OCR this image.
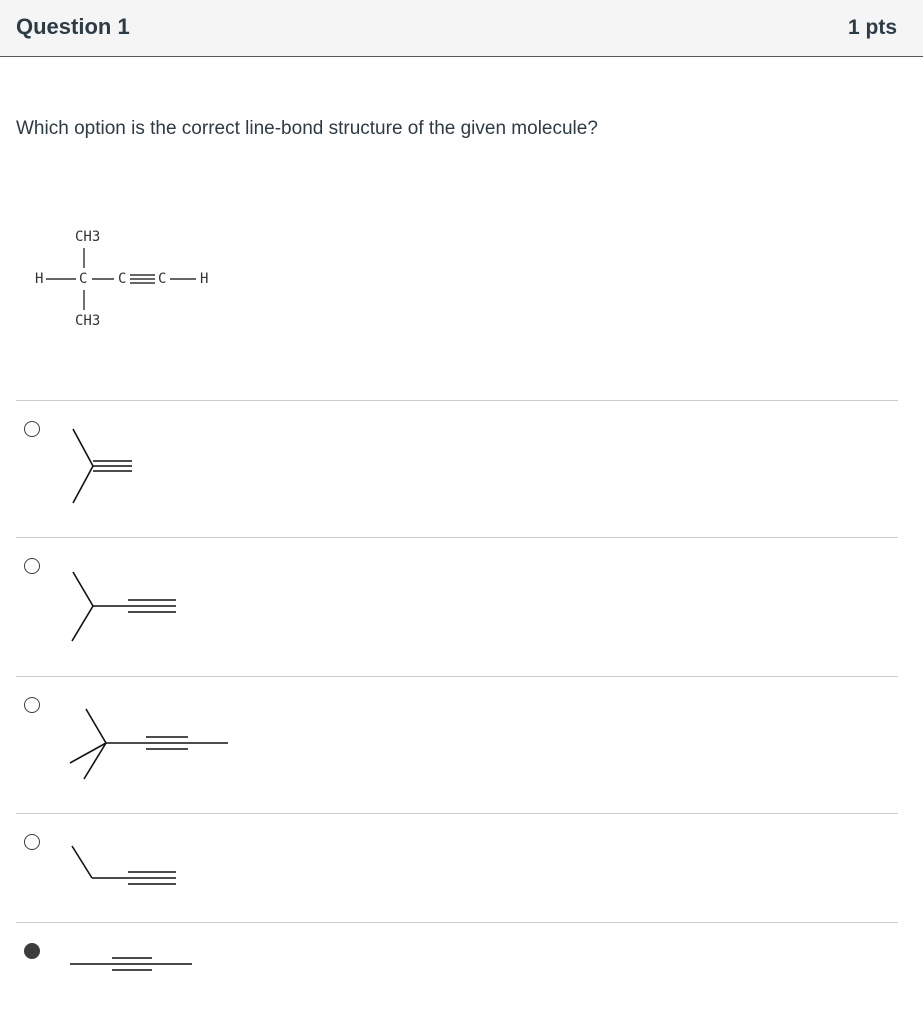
Question 1	1 pts
Which option is the correct line-bond structure of the given molecule?
CH3
H	C C C H
CH3
